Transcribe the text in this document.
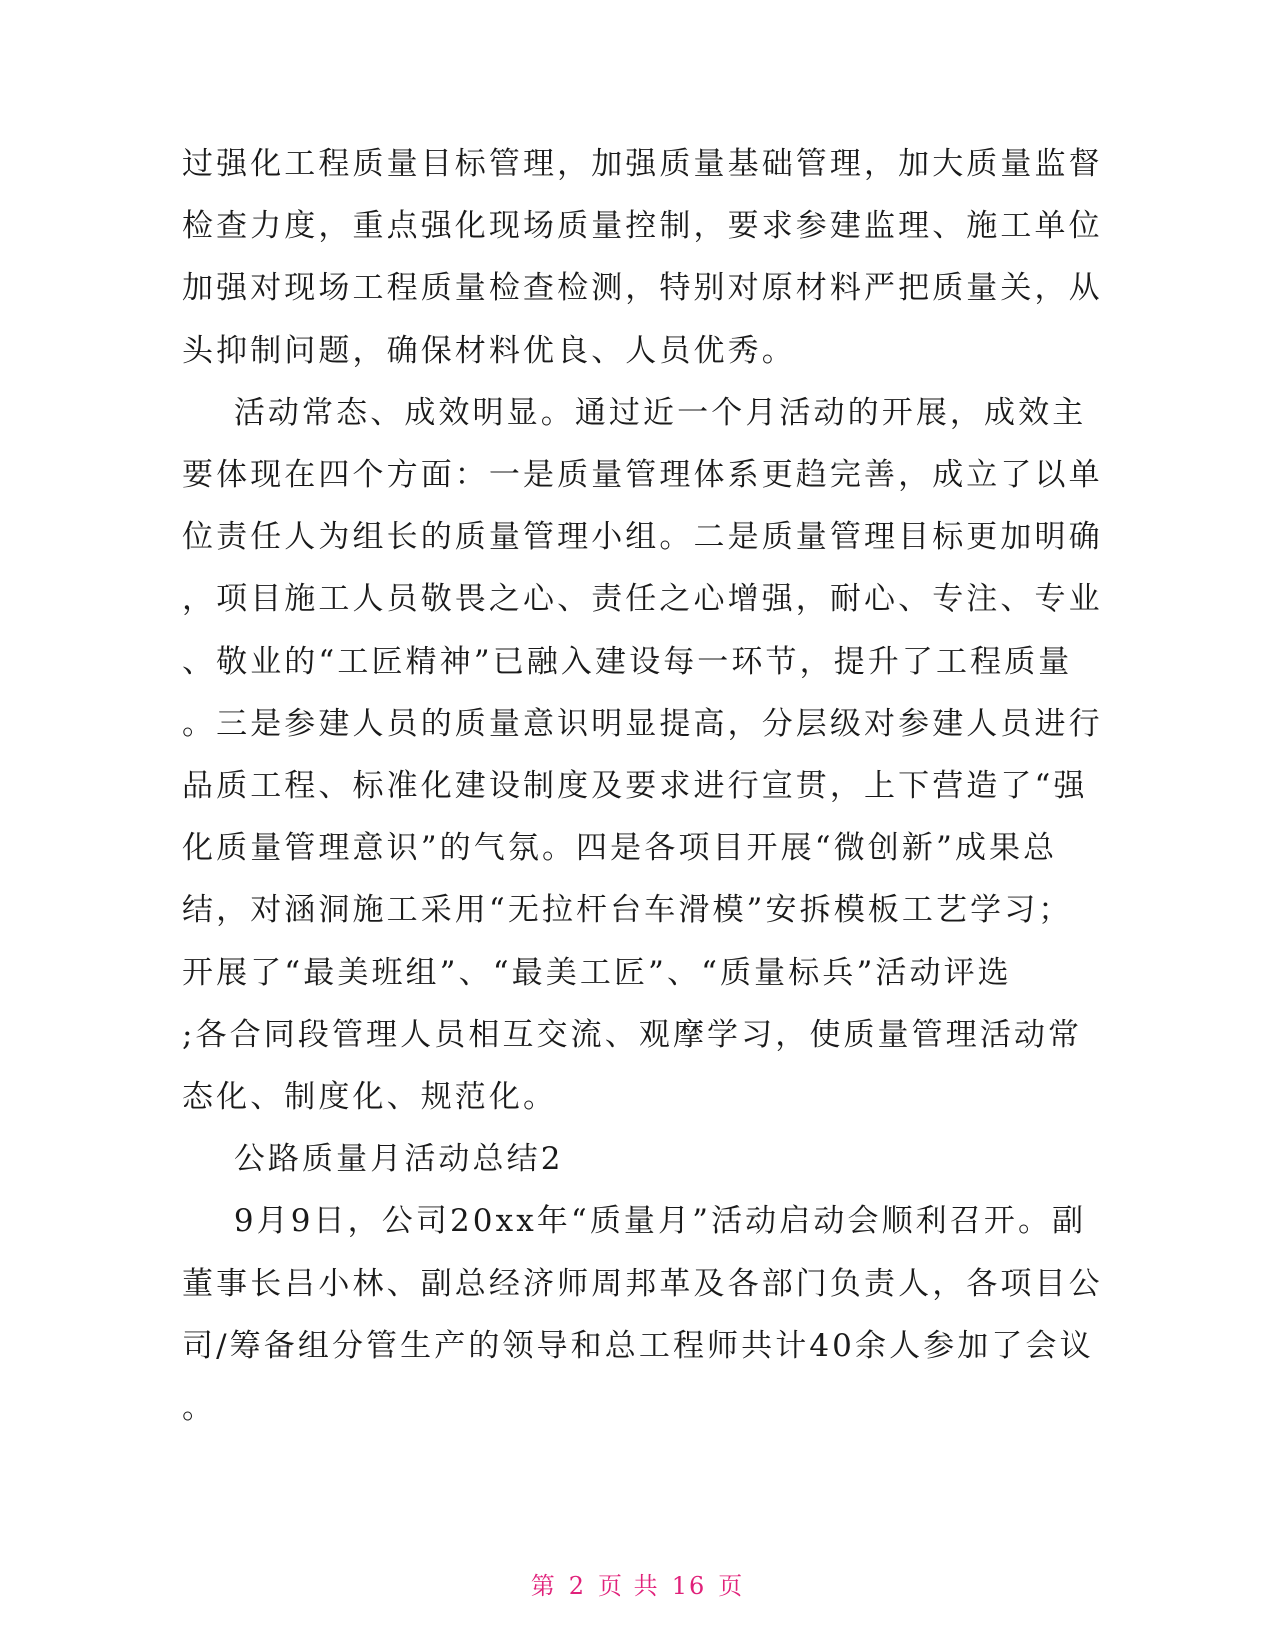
过强化工程质量目标管理，加强质量基础管理，加大质量监督
检查力度，重点强化现场质量控制，要求参建监理、施工单位
加强对现场工程质量检查检测，特别对原材料严把质量关，从
头抑制问题，确保材料优良、人员优秀。
活动常态、成效明显。通过近一个月活动的开展，成效主
要体现在四个方面：一是质量管理体系更趋完善，成立了以单
位责任人为组长的质量管理小组。二是质量管理目标更加明确
，项目施工人员敬畏之心、责任之心增强，耐心、专注、专业
、敬业的“工匠精神”已融入建设每一环节，提升了工程质量
。三是参建人员的质量意识明显提高，分层级对参建人员进行
品质工程、标准化建设制度及要求进行宣贯，上下营造了“强
化质量管理意识”的气氛。四是各项目开展“微创新”成果总
结，对涵洞施工采用“无拉杆台车滑模”安拆模板工艺学习；
开展了“最美班组”、“最美工匠”、“质量标兵”活动评选
;各合同段管理人员相互交流、观摩学习，使质量管理活动常
态化、制度化、规范化。
公路质量月活动总结2
9月9日，公司20xx年“质量月”活动启动会顺利召开。副
董事长吕小林、副总经济师周邦革及各部门负责人，各项目公
司/筹备组分管生产的领导和总工程师共计40余人参加了会议
。
第 2 页 共 16 页
